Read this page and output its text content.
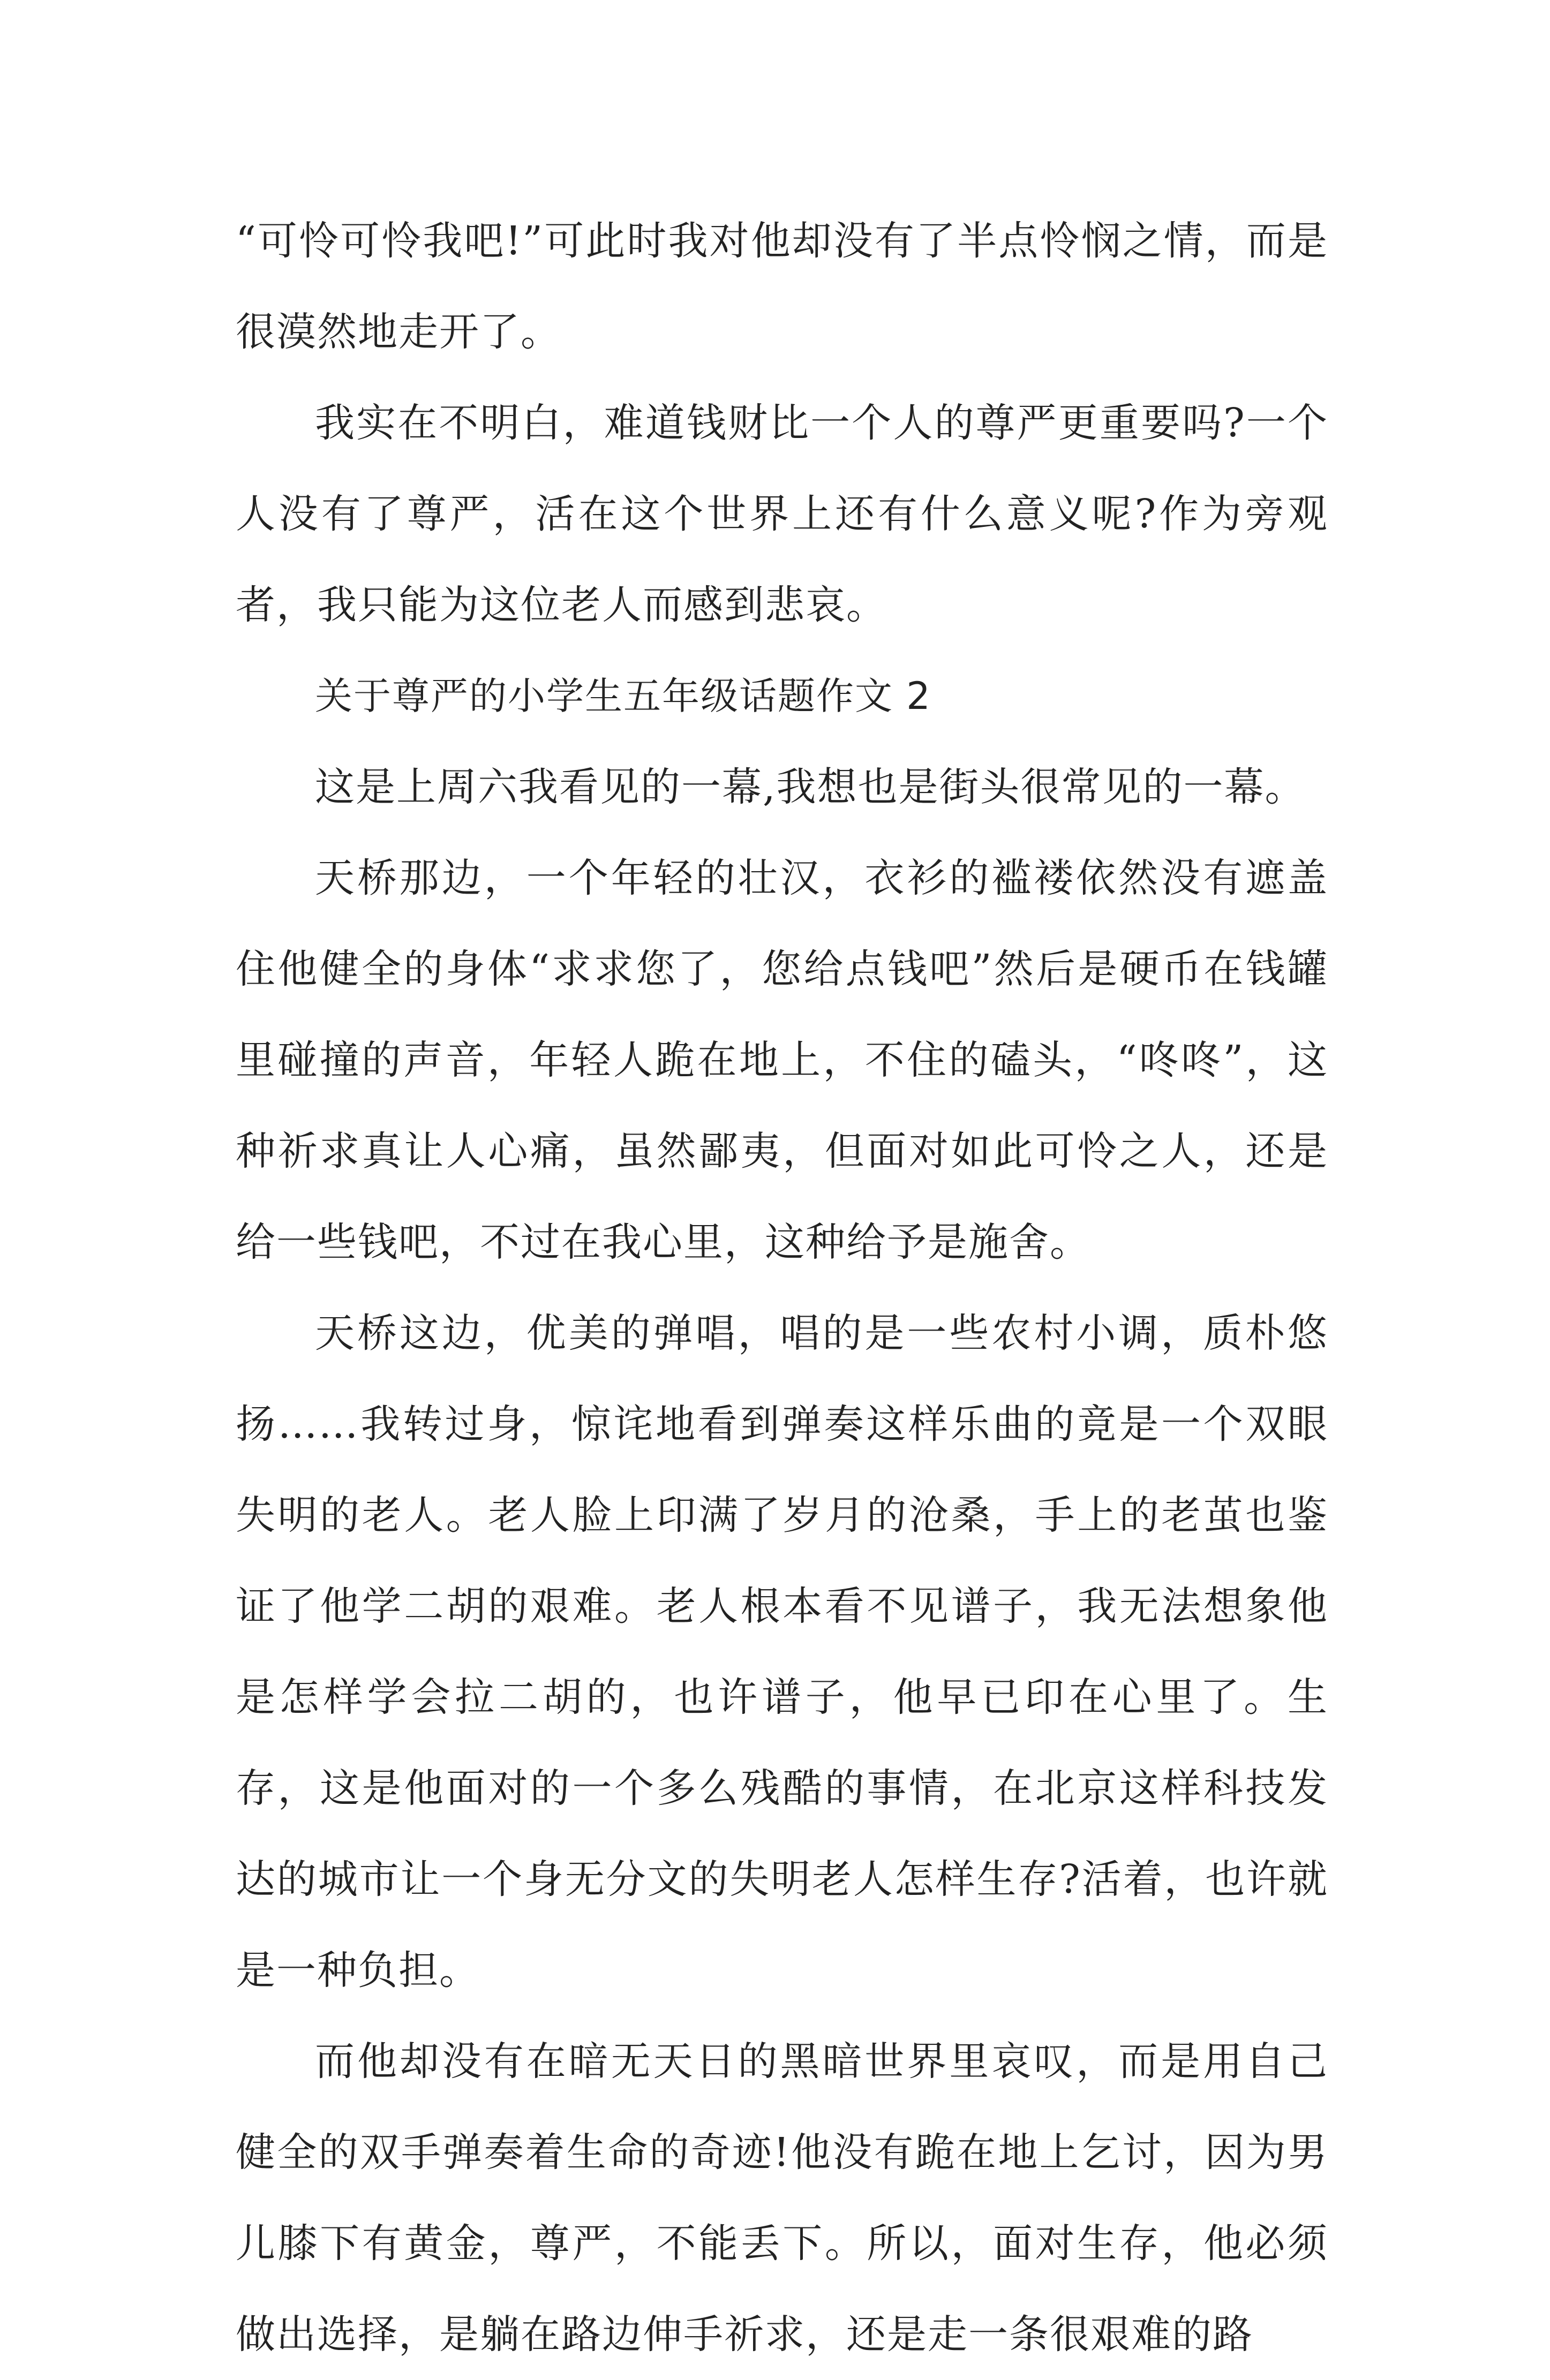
“可怜可怜我吧!”可此时我对他却没有了半点怜悯之情，而是很漠然地走开了。

我实在不明白，难道钱财比一个人的尊严更重要吗?一个人没有了尊严，活在这个世界上还有什么意义呢?作为旁观者，我只能为这位老人而感到悲哀。

关于尊严的小学生五年级话题作文 2

这是上周六我看见的一幕,我想也是街头很常见的一幕。

天桥那边，一个年轻的壮汉，衣衫的褴褛依然没有遮盖住他健全的身体“求求您了，您给点钱吧”然后是硬币在钱罐里碰撞的声音，年轻人跪在地上，不住的磕头，“咚咚”，这种祈求真让人心痛，虽然鄙夷，但面对如此可怜之人，还是给一些钱吧，不过在我心里，这种给予是施舍。

天桥这边，优美的弹唱，唱的是一些农村小调，质朴悠扬……我转过身，惊诧地看到弹奏这样乐曲的竟是一个双眼失明的老人。老人脸上印满了岁月的沧桑，手上的老茧也鉴证了他学二胡的艰难。老人根本看不见谱子，我无法想象他是怎样学会拉二胡的，也许谱子，他早已印在心里了。生存，这是他面对的一个多么残酷的事情，在北京这样科技发达的城市让一个身无分文的失明老人怎样生存?活着，也许就是一种负担。

而他却没有在暗无天日的黑暗世界里哀叹，而是用自己健全的双手弹奏着生命的奇迹!他没有跪在地上乞讨，因为男儿膝下有黄金，尊严，不能丢下。所以，面对生存，他必须做出选择，是躺在路边伸手祈求，还是走一条很艰难的路
